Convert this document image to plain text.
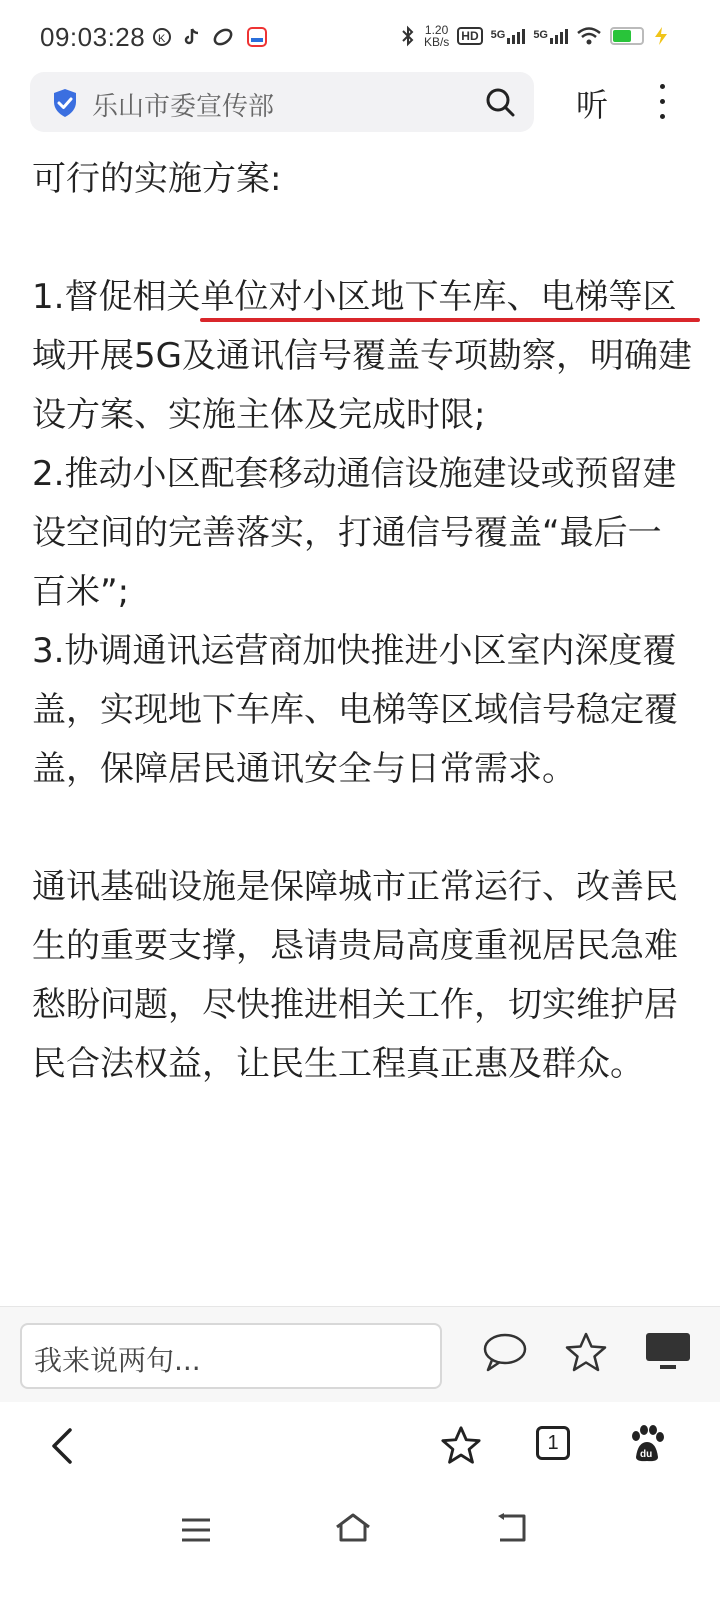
09:03:28 K
1.20
KB/s	HD	5G	5G
乐山市委宣传部	听

可行的实施方案:

1.督促相关单位对小区地下车库、电梯等区域开展5G及通讯信号覆盖专项勘察，明确建设方案、实施主体及完成时限;

2.推动小区配套移动通信设施建设或预留建设空间的完善落实，打通信号覆盖“最后一百米”;

3.协调通讯运营商加快推进小区室内深度覆盖，实现地下车库、电梯等区域信号稳定覆盖，保障居民通讯安全与日常需求。

通讯基础设施是保障城市正常运行、改善民生的重要支撑，恳请贵局高度重视居民急难愁盼问题，尽快推进相关工作，切实维护居民合法权益，让民生工程真正惠及群众。

我来说两句...
1
du
